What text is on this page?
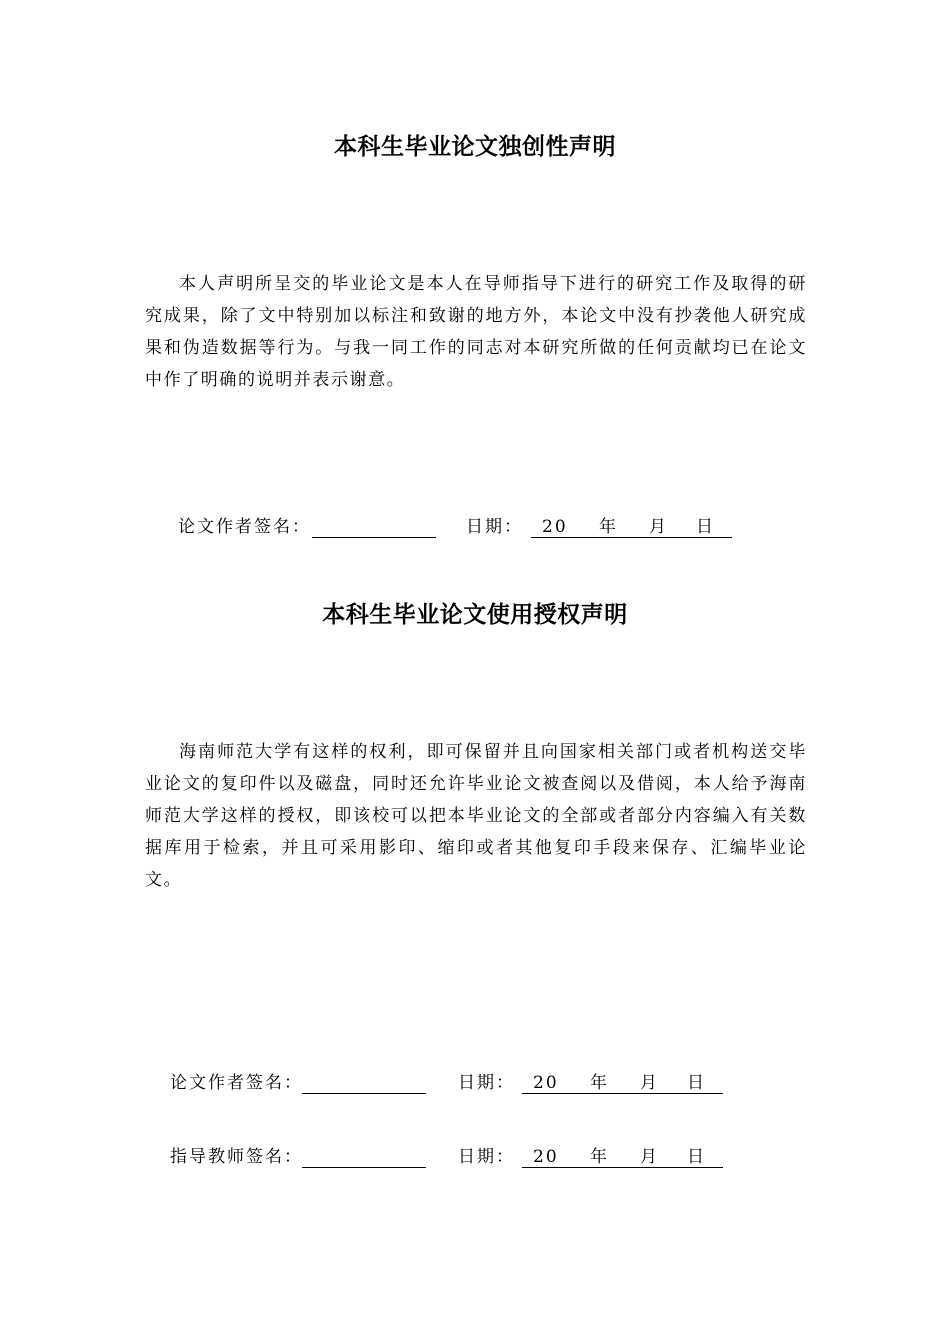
本科生毕业论文独创性声明

本人声明所呈交的毕业论文是本人在导师指导下进行的研究工作及取得的研究成果，除了文中特别加以标注和致谢的地方外，本论文中没有抄袭他人研究成果和伪造数据等行为。与我一同工作的同志对本研究所做的任何贡献均已在论文中作了明确的说明并表示谢意。

论文作者签名：	日期： 20 年 月 日
本科生毕业论文使用授权声明

海南师范大学有这样的权利，即可保留并且向国家相关部门或者机构送交毕业论文的复印件以及磁盘，同时还允许毕业论文被查阅以及借阅，本人给予海南师范大学这样的授权，即该校可以把本毕业论文的全部或者部分内容编入有关数据库用于检索，并且可采用影印、缩印或者其他复印手段来保存、汇编毕业论文。

论文作者签名：	日期： 20 年 月 日
指导教师签名：	日期： 20 年 月 日
